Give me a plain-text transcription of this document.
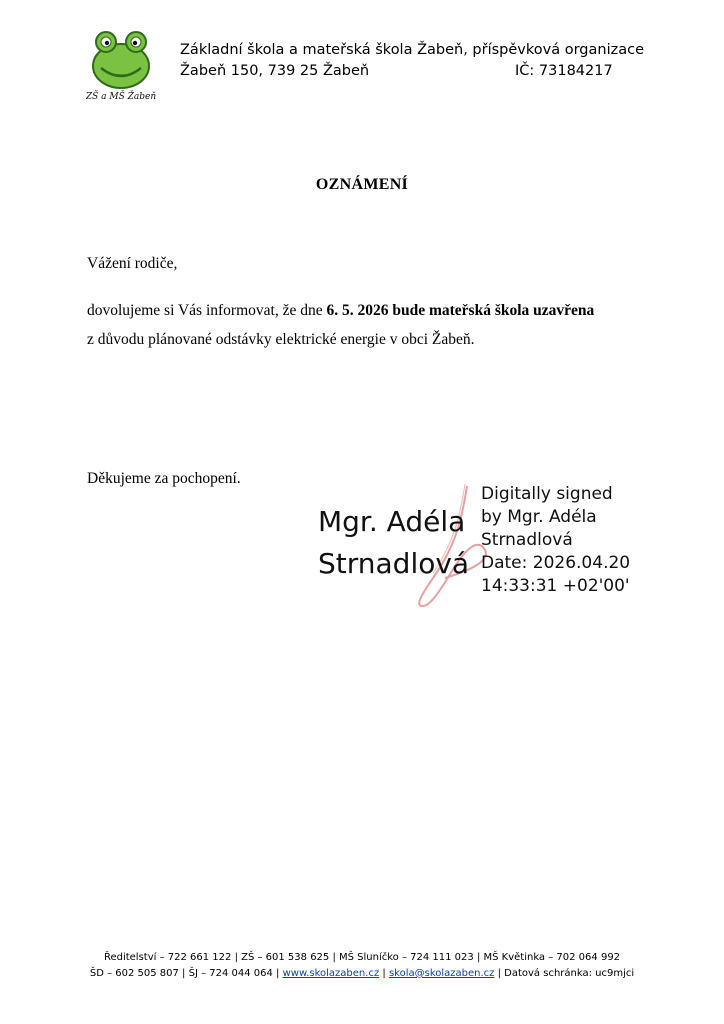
ZŠ a MŠ Žabeň
Základní škola a mateřská škola Žabeň, příspěvková organizace
Žabeň 150, 739 25 Žabeň	IČ: 73184217
OZNÁMENÍ
Vážení rodiče,
dovolujeme si Vás informovat, že dne 6. 5. 2026 bude mateřská škola uzavřena
z důvodu plánované odstávky elektrické energie v obci Žabeň.
Děkujeme za pochopení.
Mgr. Adéla
Strnadlová
Digitally signed
by Mgr. Adéla
Strnadlová
Date: 2026.04.20
14:33:31 +02'00'
Ředitelství – 722 661 122 | ZŠ – 601 538 625 | MŠ Sluníčko – 724 111 023 | MŠ Květinka – 702 064 992
ŠD – 602 505 807 | ŠJ – 724 044 064 | www.skolazaben.cz | skola@skolazaben.cz | Datová schránka: uc9mjci
